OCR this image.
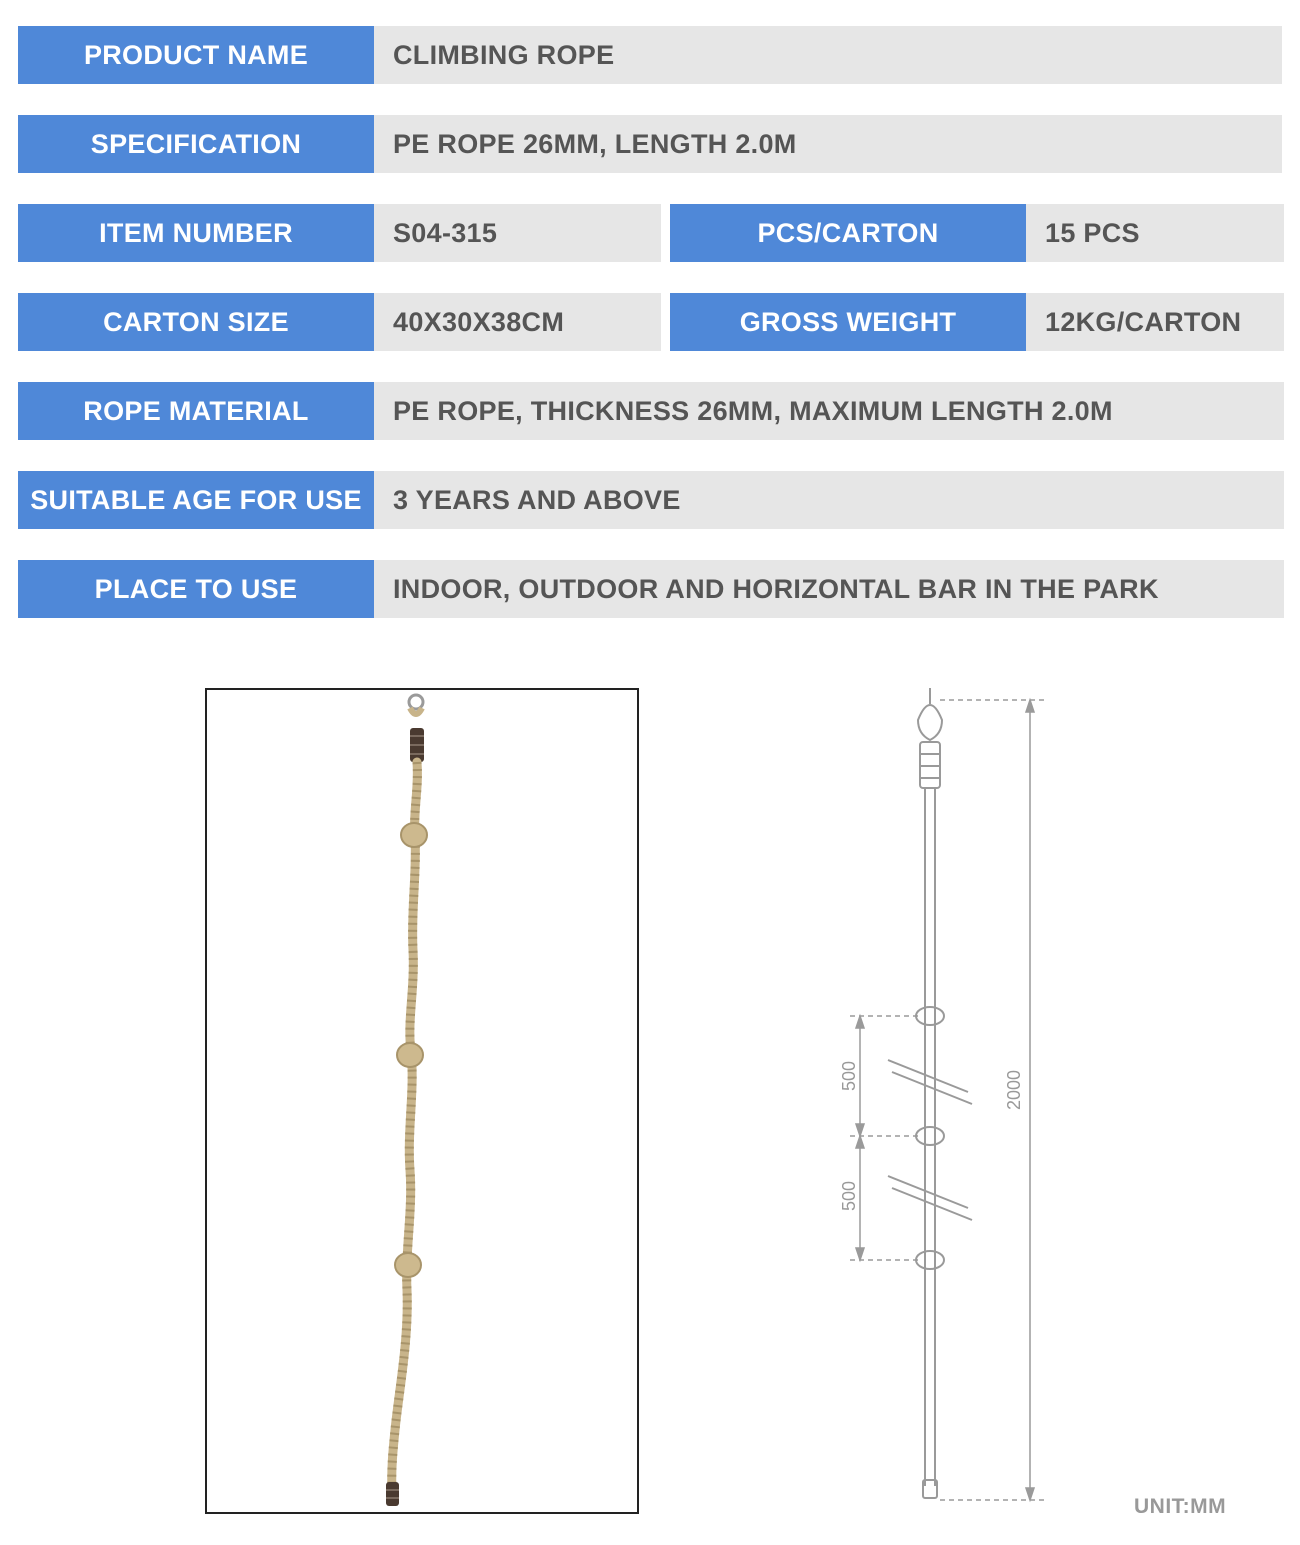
PRODUCT NAME	CLIMBING ROPE
SPECIFICATION	PE ROPE 26MM, LENGTH 2.0M
ITEM NUMBER	S04-315	PCS/CARTON	15 PCS
CARTON SIZE	40X30X38CM	GROSS WEIGHT	12KG/CARTON
ROPE MATERIAL	PE ROPE, THICKNESS 26MM, MAXIMUM LENGTH 2.0M
SUITABLE AGE FOR USE	3 YEARS AND ABOVE
PLACE TO USE	INDOOR, OUTDOOR AND HORIZONTAL BAR IN THE PARK
2000
500
500
UNIT:MM
